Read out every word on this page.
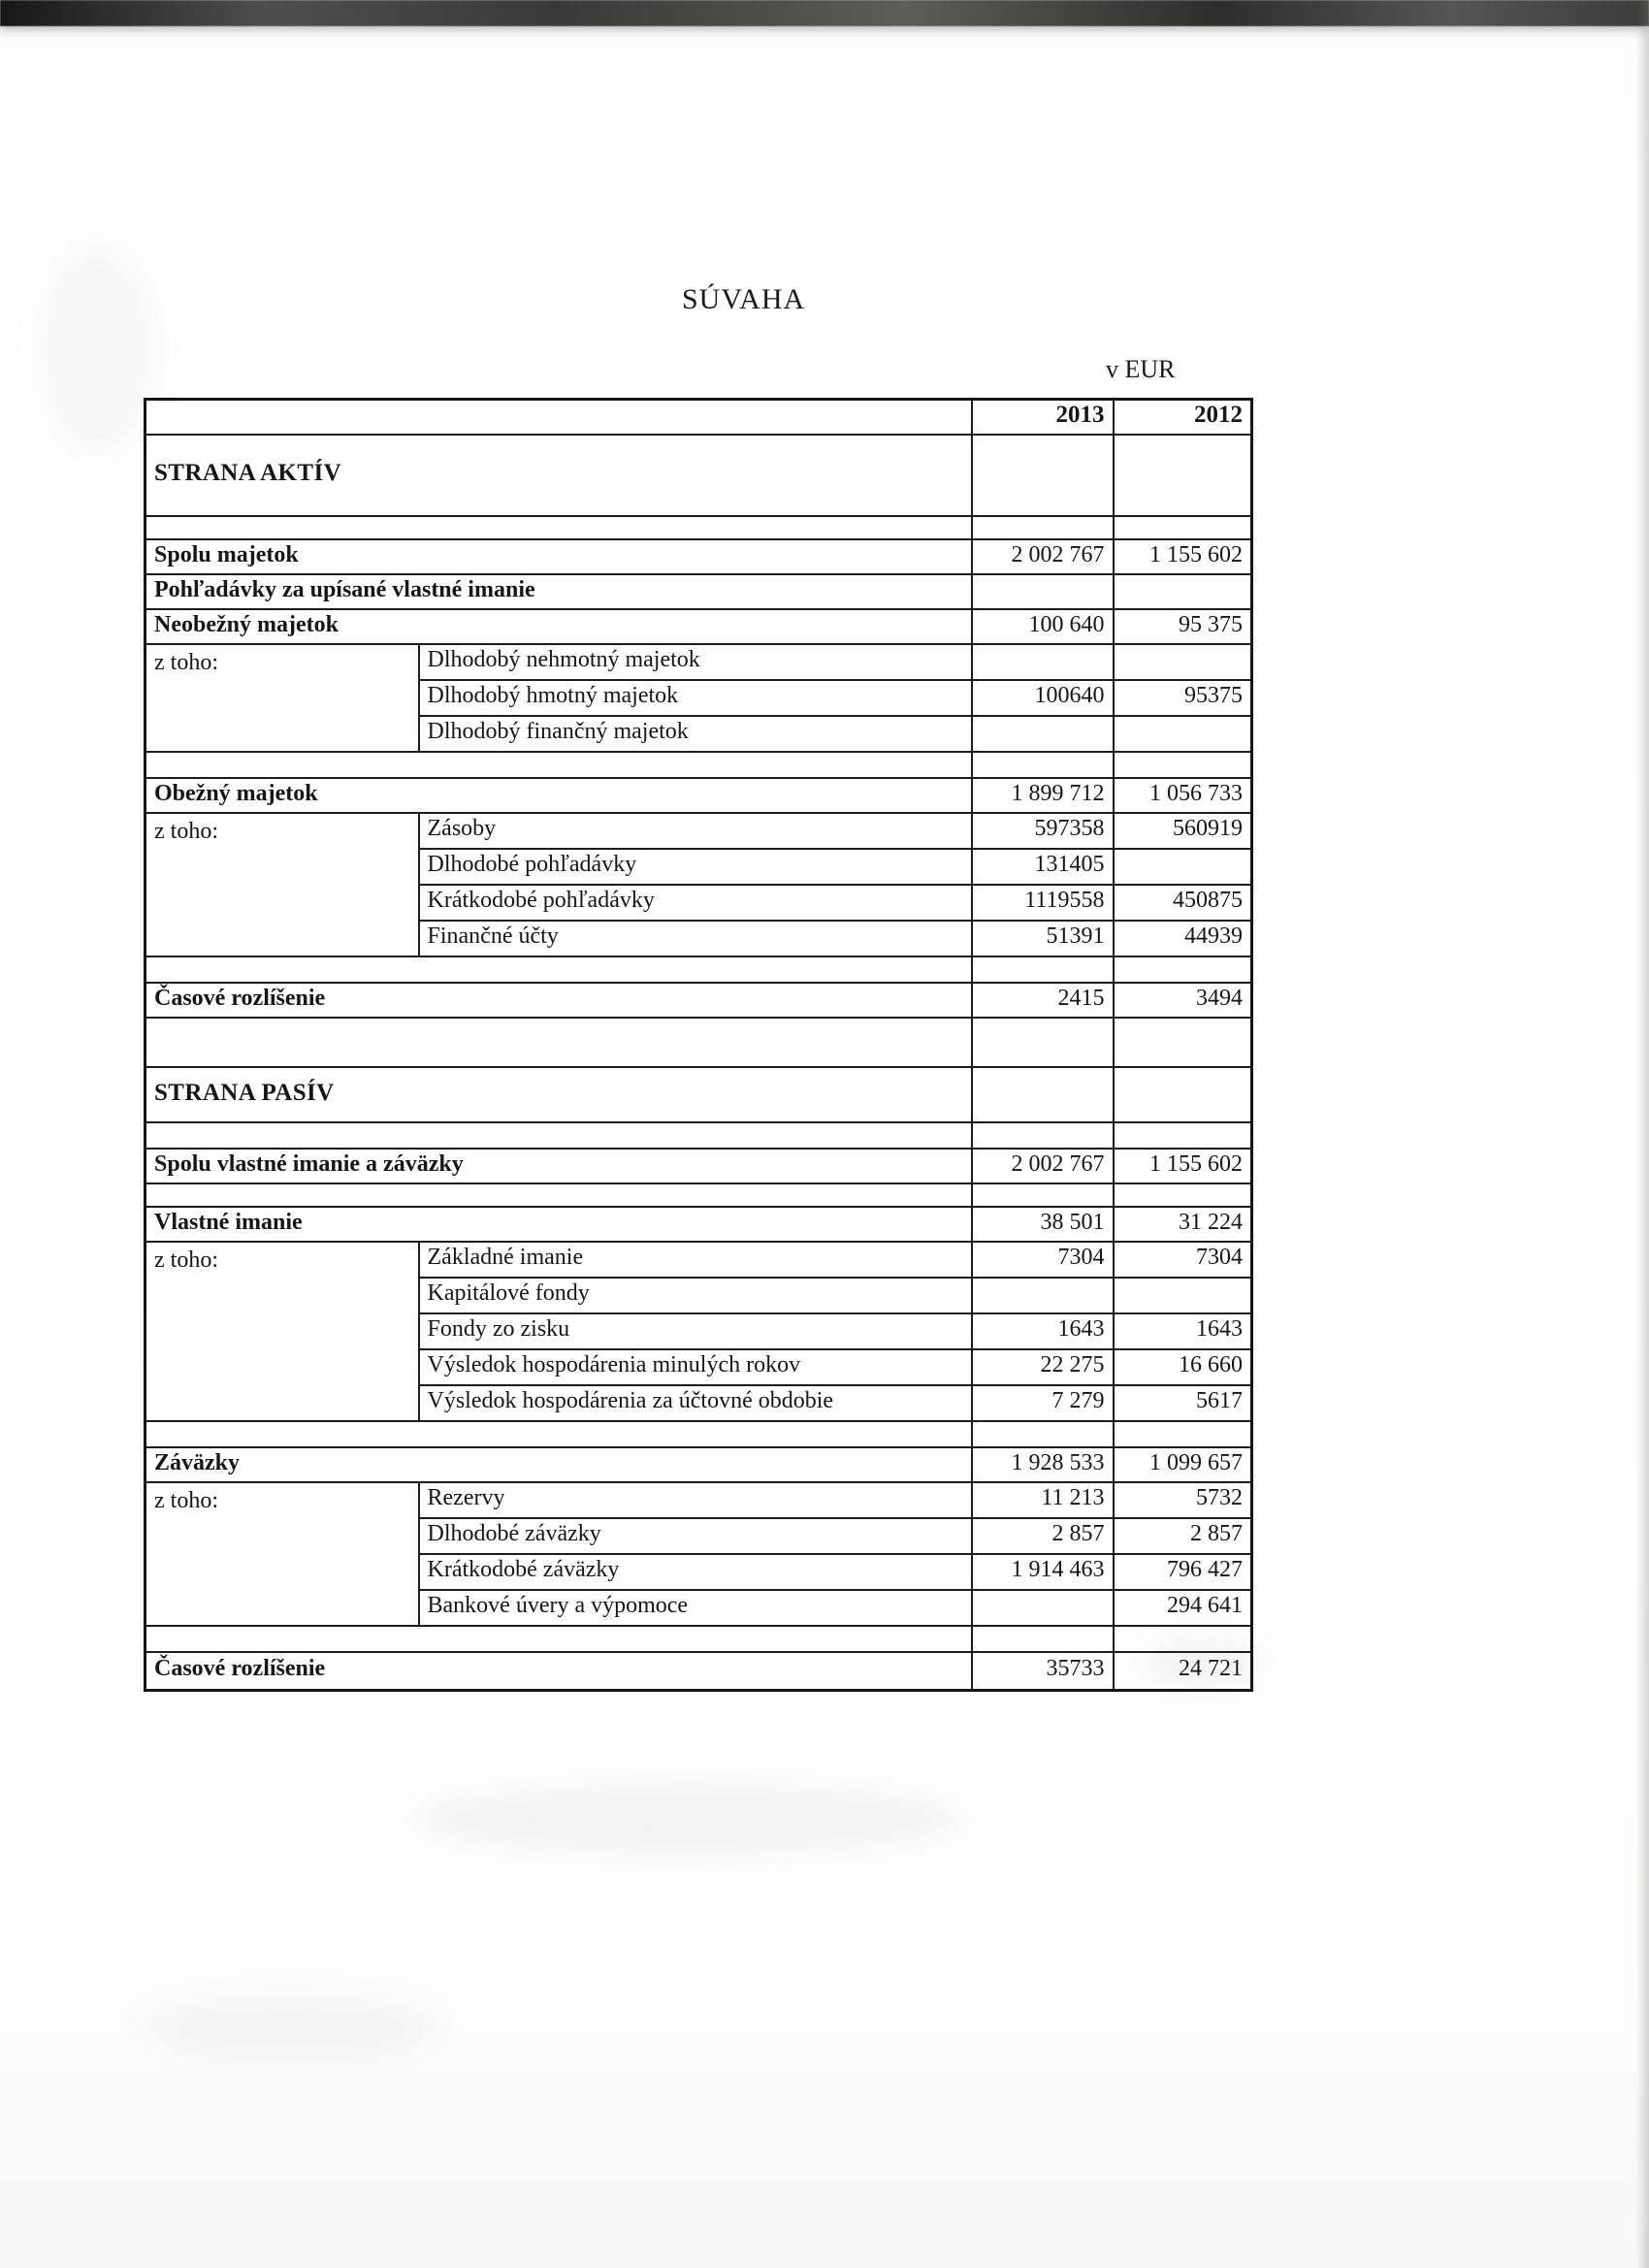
SÚVAHA
v EUR
		2013	2012
STRANA AKTÍV			

Spolu majetok		2 002 767	1 155 602
Pohľadávky za upísané vlastné imanie			
Neobežný majetok		100 640	95 375
z toho:	Dlhodobý nehmotný majetok		
	Dlhodobý hmotný majetok	100640	95375
	Dlhodobý finančný majetok		

Obežný majetok		1 899 712	1 056 733
z toho:	Zásoby	597358	560919
	Dlhodobé pohľadávky	131405	
	Krátkodobé pohľadávky	1119558	450875
	Finančné účty	51391	44939

Časové rozlíšenie		2415	3494

STRANA PASÍV			

Spolu vlastné imanie a záväzky		2 002 767	1 155 602

Vlastné imanie		38 501	31 224
z toho:	Základné imanie	7304	7304
	Kapitálové fondy		
	Fondy zo zisku	1643	1643
	Výsledok hospodárenia minulých rokov	22 275	16 660
	Výsledok hospodárenia za účtovné obdobie	7 279	5617

Záväzky		1 928 533	1 099 657
z toho:	Rezervy	11 213	5732
	Dlhodobé záväzky	2 857	2 857
	Krátkodobé záväzky	1 914 463	796 427
	Bankové úvery a výpomoce		294 641

Časové rozlíšenie		35733	24 721
